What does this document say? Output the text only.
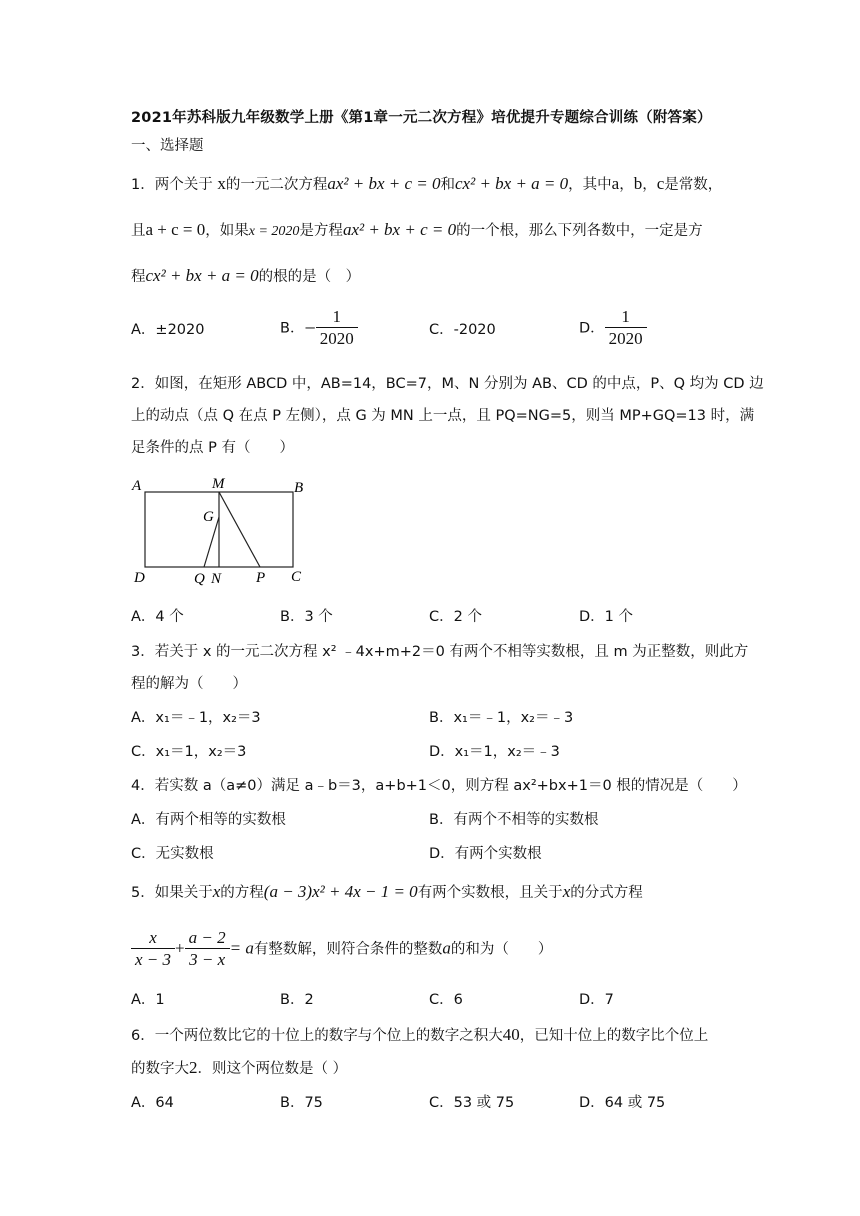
2021年苏科版九年级数学上册《第1章一元二次方程》培优提升专题综合训练（附答案）
一、选择题
1．两个关于 x的一元二次方程ax² + bx + c = 0和cx² + bx + a = 0，其中a，b，c是常数，
且a + c = 0，如果x = 2020是方程ax² + bx + c = 0的一个根，那么下列各数中，一定是方
程cx² + bx + a = 0的根的是（　）
A．±2020	B．− $\frac{1}{2020}$	C．-2020	D． $\frac{1}{2020}$
2．如图，在矩形 ABCD 中，AB=14，BC=7，M、N 分别为 AB、CD 的中点，P、Q 均为 CD 边
上的动点（点 Q 在点 P 左侧），点 G 为 MN 上一点，且 PQ=NG=5，则当 MP+GQ=13 时，满
足条件的点 P 有（　　）
A	M	B
G
D	Q N P C
A．4 个	B．3 个	C．2 个	D．1 个
3．若关于 x 的一元二次方程 x² ﹣4x+m+2＝0 有两个不相等实数根，且 m 为正整数，则此方
程的解为（　　）
A．x₁＝﹣1，x₂＝3	B．x₁＝﹣1，x₂＝﹣3
C．x₁＝1，x₂＝3	D．x₁＝1，x₂＝﹣3
4．若实数 a（a≠0）满足 a﹣b＝3，a+b+1＜0，则方程 ax²+bx+1＝0 根的情况是（　　）
A．有两个相等的实数根	B．有两个不相等的实数根
C．无实数根	D．有两个实数根
5．如果关于x的方程(a − 3)x² + 4x − 1 = 0有两个实数根，且关于x的分式方程
$\frac{x}{x - 3} + \frac{a - 2}{3 - x} = a$有整数解，则符合条件的整数a的和为（　　）
A．1	B．2	C．6	D．7
6．一个两位数比它的十位上的数字与个位上的数字之积大40，已知十位上的数字比个位上
的数字大2．则这个两位数是（ ）
A．64	B．75	C．53 或 75	D．64 或 75
